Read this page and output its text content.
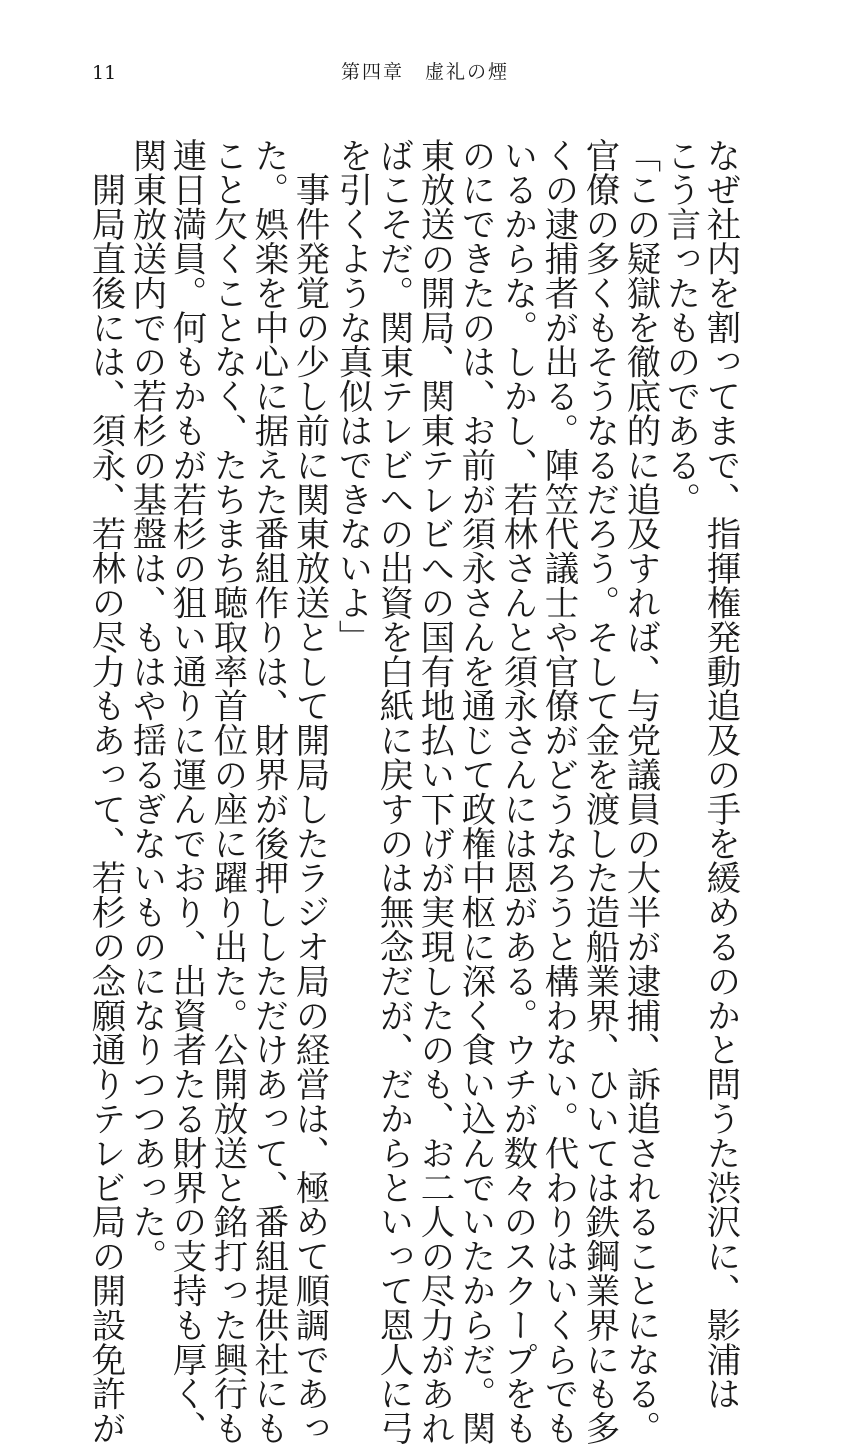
11	第四章　虚礼の煙
なぜ社内を割ってまで、指揮権発動追及の手を緩めるのかと問うた渋沢に、影浦は
こう言ったものである。
「この疑獄を徹底的に追及すれば、与党議員の大半が逮捕、訴追されることになる。
官僚の多くもそうなるだろう。そして金を渡した造船業界、ひいては鉄鋼業界にも多
くの逮捕者が出る。陣笠代議士や官僚がどうなろうと構わない。代わりはいくらでも
いるからな。しかし、若林さんと須永さんには恩がある。ウチが数々のスクープをも
のにできたのは、お前が須永さんを通じて政権中枢に深く食い込んでいたからだ。関
東放送の開局、関東テレビへの国有地払い下げが実現したのも、お二人の尽力があれ
ばこそだ。関東テレビへの出資を白紙に戻すのは無念だが、だからといって恩人に弓
を引くような真似はできないよ」
　事件発覚の少し前に関東放送として開局したラジオ局の経営は、極めて順調であっ
た。娯楽を中心に据えた番組作りは、財界が後押ししただけあって、番組提供社にも
こと欠くことなく、たちまち聴取率首位の座に躍り出た。公開放送と銘打った興行も
連日満員。何もかもが若杉の狙い通りに運んでおり、出資者たる財界の支持も厚く、
関東放送内での若杉の基盤は、もはや揺るぎないものになりつつあった。
　開局直後には、須永、若林の尽力もあって、若杉の念願通りテレビ局の開設免許が
